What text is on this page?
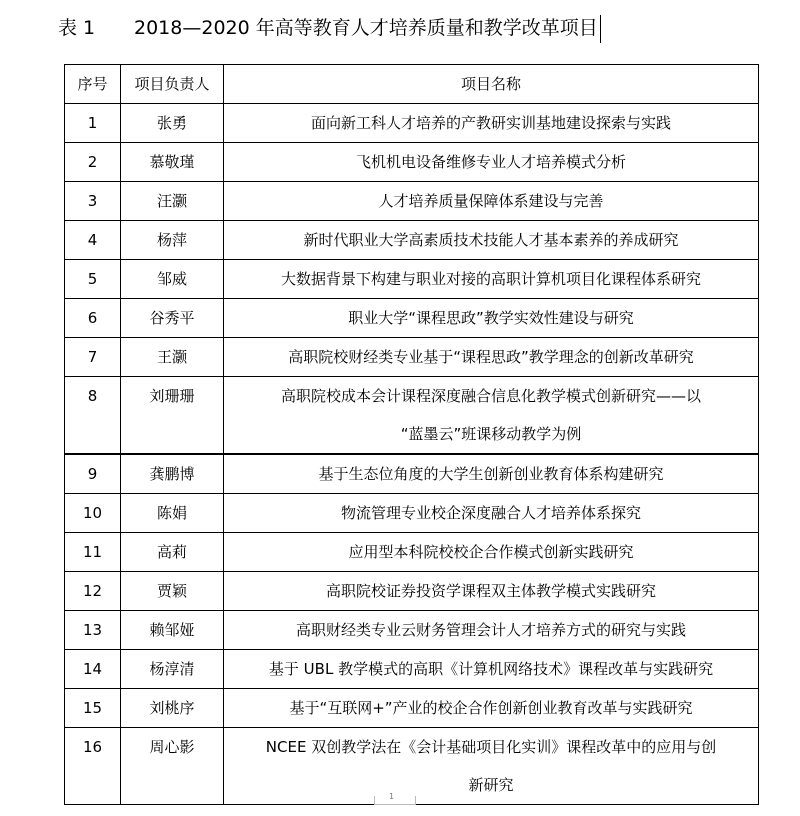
表 1 2018—2020 年高等教育人才培养质量和教学改革项目
序号	项目负责人	项目名称
1	张勇	面向新工科人才培养的产教研实训基地建设探索与实践
2	慕敬瑾	飞机机电设备维修专业人才培养模式分析
3	汪灏	人才培养质量保障体系建设与完善
4	杨萍	新时代职业大学高素质技术技能人才基本素养的养成研究
5	邹威	大数据背景下构建与职业对接的高职计算机项目化课程体系研究
6	谷秀平	职业大学“课程思政”教学实效性建设与研究
7	王灏	高职院校财经类专业基于“课程思政”教学理念的创新改革研究
8	刘珊珊	高职院校成本会计课程深度融合信息化教学模式创新研究——以
“蓝墨云”班课移动教学为例

9	龚鹏博	基于生态位角度的大学生创新创业教育体系构建研究
10	陈娟	物流管理专业校企深度融合人才培养体系探究
11	高莉	应用型本科院校校企合作模式创新实践研究
12	贾颖	高职院校证券投资学课程双主体教学模式实践研究
13	赖邹娅	高职财经类专业云财务管理会计人才培养方式的研究与实践
14	杨淳清	基于 UBL 教学模式的高职《计算机网络技术》课程改革与实践研究
15	刘桃序	基于“互联网+”产业的校企合作创新创业教育改革与实践研究
16	周心影	NCEE 双创教学法在《会计基础项目化实训》课程改革中的应用与创
新研究
1
